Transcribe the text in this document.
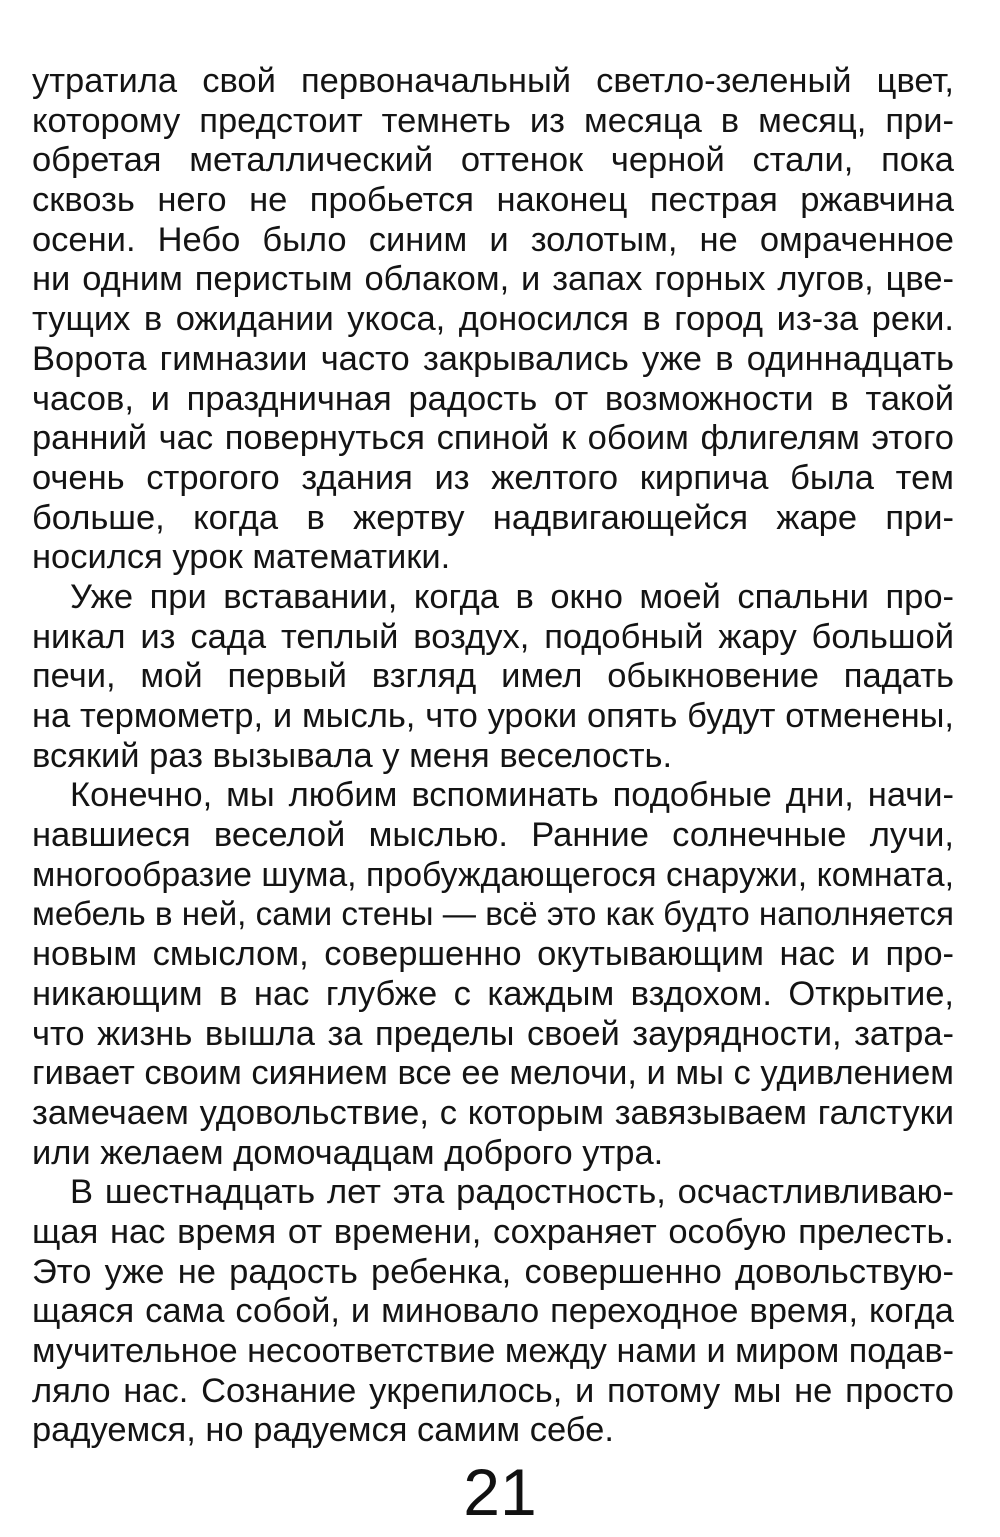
утратила свой первоначальный светло-зеленый цвет,
которому предстоит темнеть из месяца в месяц, при-
обретая металлический оттенок черной стали, пока
сквозь него не пробьется наконец пестрая ржавчина
осени. Небо было синим и золотым, не омраченное
ни одним перистым облаком, и запах горных лугов, цве-
тущих в ожидании укоса, доносился в город из-за реки.
Ворота гимназии часто закрывались уже в одиннадцать
часов, и праздничная радость от возможности в такой
ранний час повернуться спиной к обоим флигелям этого
очень строгого здания из желтого кирпича была тем
больше, когда в жертву надвигающейся жаре при-
носился урок математики.
Уже при вставании, когда в окно моей спальни про-
никал из сада теплый воздух, подобный жару большой
печи, мой первый взгляд имел обыкновение падать
на термометр, и мысль, что уроки опять будут отменены,
всякий раз вызывала у меня веселость.
Конечно, мы любим вспоминать подобные дни, начи-
навшиеся веселой мыслью. Ранние солнечные лучи,
многообразие шума, пробуждающегося снаружи, комната,
мебель в ней, сами стены — всё это как будто наполняется
новым смыслом, совершенно окутывающим нас и про-
никающим в нас глубже с каждым вздохом. Открытие,
что жизнь вышла за пределы своей заурядности, затра-
гивает своим сиянием все ее мелочи, и мы с удивлением
замечаем удовольствие, с которым завязываем галстуки
или желаем домочадцам доброго утра.
В шестнадцать лет эта радостность, осчастливливаю-
щая нас время от времени, сохраняет особую прелесть.
Это уже не радость ребенка, совершенно довольствую-
щаяся сама собой, и миновало переходное время, когда
мучительное несоответствие между нами и миром подав-
ляло нас. Сознание укрепилось, и потому мы не просто
радуемся, но радуемся самим себе.
21
